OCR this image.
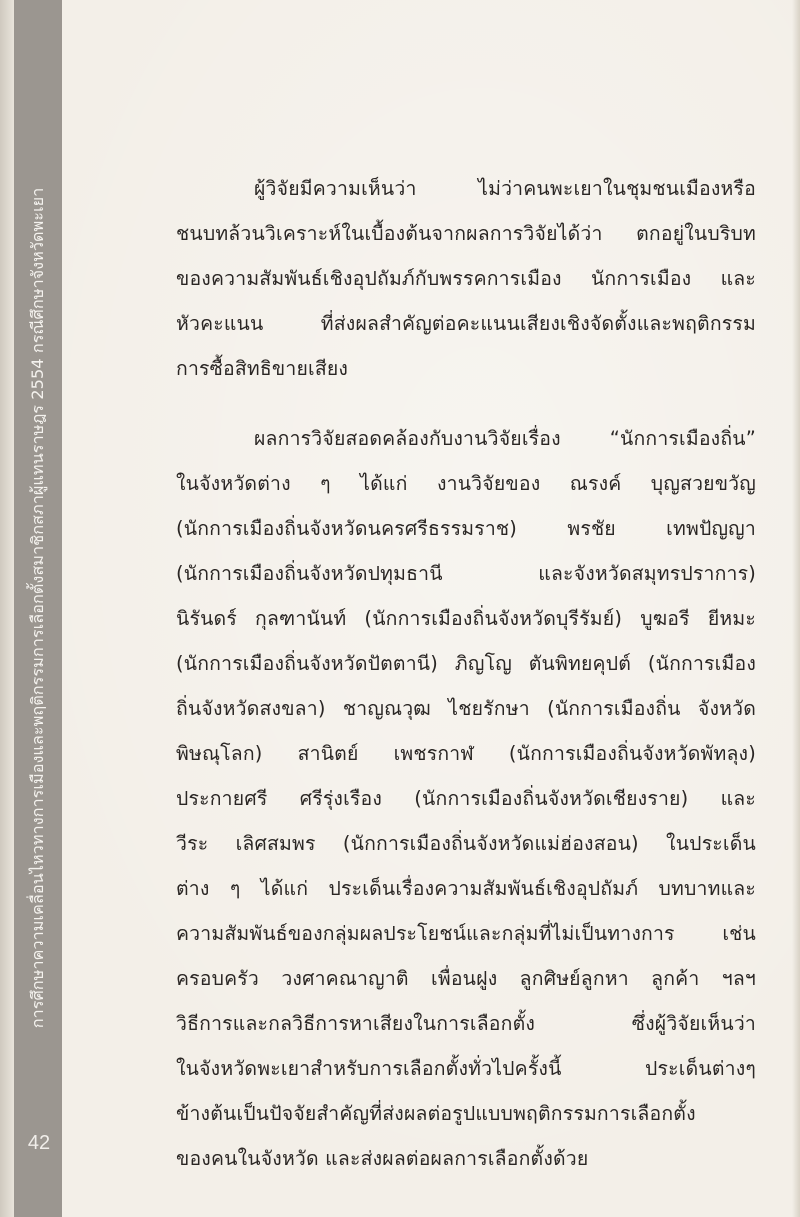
การศึกษาความเคลื่อนไหวทางการเมืองและพฤติกรรมการเลือกตั้งสมาชิกสภาผู้แทนราษฎร 2554 กรณีศึกษาจังหวัดพะเยา
42
ผู้วิจัยมีความเห็นว่า ไม่ว่าคนพะเยาในชุมชนเมืองหรือ
ชนบทล้วนวิเคราะห์ในเบื้องต้นจากผลการวิจัยได้ว่า ตกอยู่ในบริบท
ของความสัมพันธ์เชิงอุปถัมภ์กับพรรคการเมือง นักการเมือง และ
หัวคะแนน ที่ส่งผลสำคัญต่อคะแนนเสียงเชิงจัดตั้งและพฤติกรรม
การซื้อสิทธิขายเสียง
ผลการวิจัยสอดคล้องกับงานวิจัยเรื่อง “นักการเมืองถิ่น”
ในจังหวัดต่าง ๆ ได้แก่ งานวิจัยของ ณรงค์ บุญสวยขวัญ
(นักการเมืองถิ่นจังหวัดนครศรีธรรมราช) พรชัย เทพปัญญา
(นักการเมืองถิ่นจังหวัดปทุมธานี และจังหวัดสมุทรปราการ)
นิรันดร์ กุลฑานันท์ (นักการเมืองถิ่นจังหวัดบุรีรัมย์) บูฆอรี ยีหมะ
(นักการเมืองถิ่นจังหวัดปัตตานี) ภิญโญ ตันพิทยคุปต์ (นักการเมือง
ถิ่นจังหวัดสงขลา) ชาญณวุฒ ไชยรักษา (นักการเมืองถิ่น จังหวัด
พิษณุโลก) สานิตย์ เพชรกาฬ (นักการเมืองถิ่นจังหวัดพัทลุง)
ประกายศรี ศรีรุ่งเรือง (นักการเมืองถิ่นจังหวัดเชียงราย) และ
วีระ เลิศสมพร (นักการเมืองถิ่นจังหวัดแม่ฮ่องสอน) ในประเด็น
ต่าง ๆ ได้แก่ ประเด็นเรื่องความสัมพันธ์เชิงอุปถัมภ์ บทบาทและ
ความสัมพันธ์ของกลุ่มผลประโยชน์และกลุ่มที่ไม่เป็นทางการ เช่น
ครอบครัว วงศาคณาญาติ เพื่อนฝูง ลูกศิษย์ลูกหา ลูกค้า ฯลฯ
วิธีการและกลวิธีการหาเสียงในการเลือกตั้ง ซึ่งผู้วิจัยเห็นว่า
ในจังหวัดพะเยาสำหรับการเลือกตั้งทั่วไปครั้งนี้ ประเด็นต่างๆ
ข้างต้นเป็นปัจจัยสำคัญที่ส่งผลต่อรูปแบบพฤติกรรมการเลือกตั้ง
ของคนในจังหวัด และส่งผลต่อผลการเลือกตั้งด้วย
